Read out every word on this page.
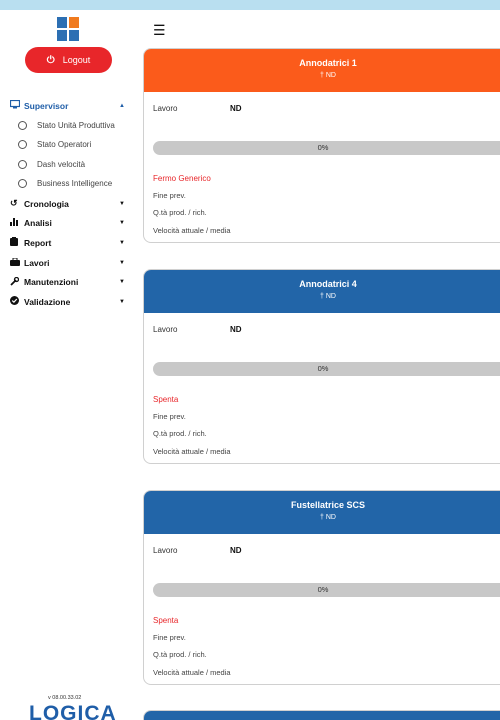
⏻ Logout
Supervisor	▲
Stato Unità Produttiva
Stato Operatori
Dash velocità
Business Intelligence
↺ Cronologia	▼
Analisi	▼
Report	▼
Lavori	▼
Manutenzioni	▼
Validazione	▼
v 08.00.33.02
LOGICA
☰
Annodatrici 1
† ND
Lavoro	ND
0%
Fermo Generico
Fine prev.
Q.tà prod. / rich.
Velocità attuale / media
Annodatrici 4
† ND
Lavoro	ND
0%
Spenta
Fine prev.
Q.tà prod. / rich.
Velocità attuale / media
Fustellatrice SCS
† ND
Lavoro	ND
0%
Spenta
Fine prev.
Q.tà prod. / rich.
Velocità attuale / media
